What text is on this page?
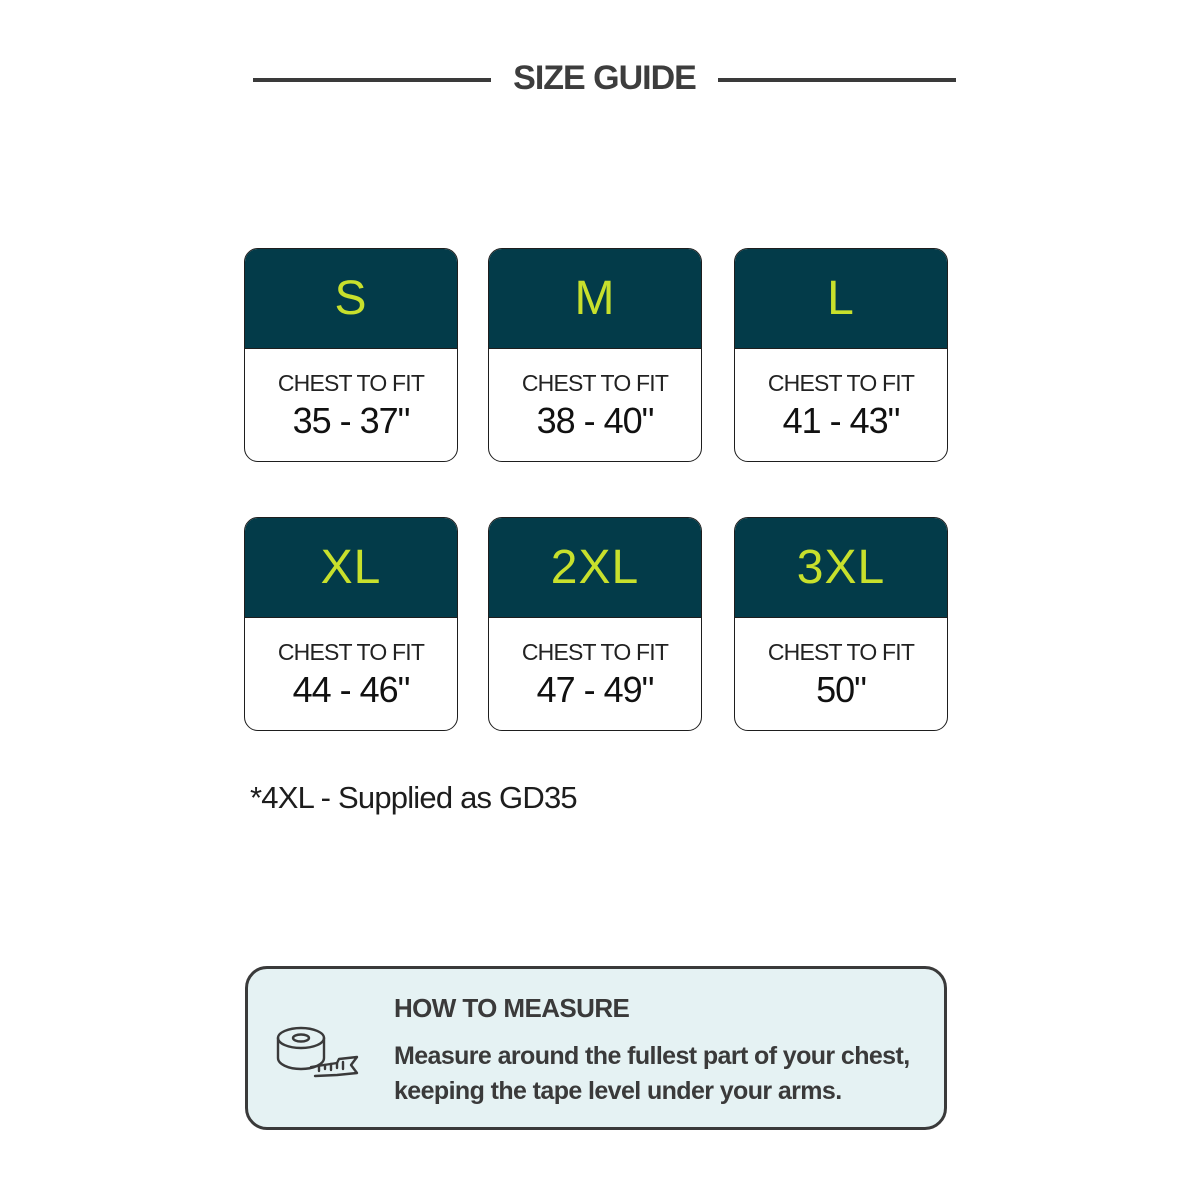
SIZE GUIDE
S
CHEST TO FIT
35 - 37"
M
CHEST TO FIT
38 - 40"
L
CHEST TO FIT
41 - 43"
XL
CHEST TO FIT
44 - 46"
2XL
CHEST TO FIT
47 - 49"
3XL
CHEST TO FIT
50"
*4XL - Supplied as GD35
HOW TO MEASURE
Measure around the fullest part of your chest,
keeping the tape level under your arms.
